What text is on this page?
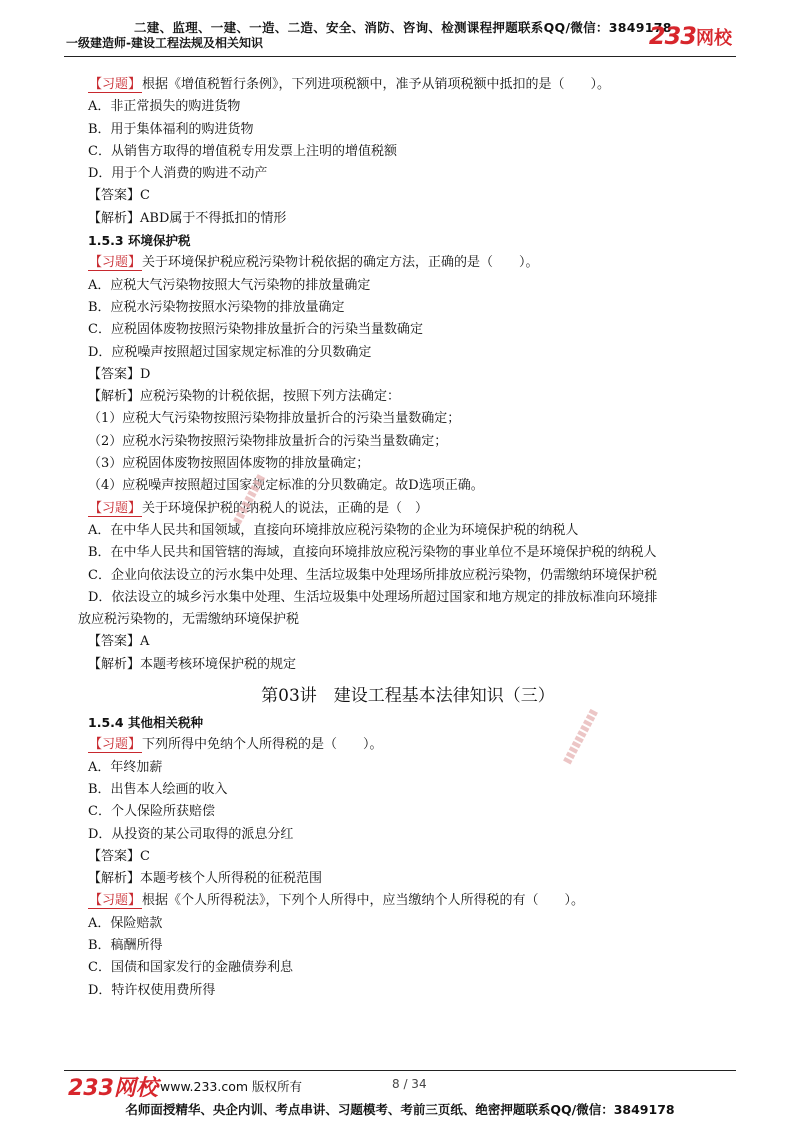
二建、监理、一建、一造、二造、安全、消防、咨询、检测课程押题联系QQ/微信：3849178
一级建造师-建设工程法规及相关知识	233网校
【习题】根据《增值税暂行条例》，下列进项税额中，准予从销项税额中抵扣的是（　　）。
A．非正常损失的购进货物
B．用于集体福利的购进货物
C．从销售方取得的增值税专用发票上注明的增值税额
D．用于个人消费的购进不动产
【答案】C
【解析】ABD属于不得抵扣的情形
1.5.3 环境保护税
【习题】关于环境保护税应税污染物计税依据的确定方法，正确的是（　　）。
A．应税大气污染物按照大气污染物的排放量确定
B．应税水污染物按照水污染物的排放量确定
C．应税固体废物按照污染物排放量折合的污染当量数确定
D．应税噪声按照超过国家规定标准的分贝数确定
【答案】D
【解析】应税污染物的计税依据，按照下列方法确定：
（1）应税大气污染物按照污染物排放量折合的污染当量数确定；
（2）应税水污染物按照污染物排放量折合的污染当量数确定；
（3）应税固体废物按照固体废物的排放量确定；
（4）应税噪声按照超过国家规定标准的分贝数确定。故D选项正确。
【习题】关于环境保护税的纳税人的说法，正确的是（　）
A．在中华人民共和国领域，直接向环境排放应税污染物的企业为环境保护税的纳税人
B．在中华人民共和国管辖的海域，直接向环境排放应税污染物的事业单位不是环境保护税的纳税人
C．企业向依法设立的污水集中处理、生活垃圾集中处理场所排放应税污染物，仍需缴纳环境保护税
D．依法设立的城乡污水集中处理、生活垃圾集中处理场所超过国家和地方规定的排放标准向环境排
放应税污染物的，无需缴纳环境保护税
【答案】A
【解析】本题考核环境保护税的规定
第03讲　建设工程基本法律知识（三）
1.5.4 其他相关税种
【习题】下列所得中免纳个人所得税的是（　　）。
A．年终加薪
B．出售本人绘画的收入
C．个人保险所获赔偿
D．从投资的某公司取得的派息分红
【答案】C
【解析】本题考核个人所得税的征税范围
【习题】根据《个人所得税法》，下列个人所得中，应当缴纳个人所得税的有（　　）。
A．保险赔款
B．稿酬所得
C．国债和国家发行的金融债券利息
D．特许权使用费所得
▮▮▮▮▮▮▮▮▮
▮▮▮▮▮▮▮▮▮▮
233网校 www.233.com 版权所有	8 / 34
名师面授精华、央企内训、考点串讲、习题模考、考前三页纸、绝密押题联系QQ/微信：3849178
